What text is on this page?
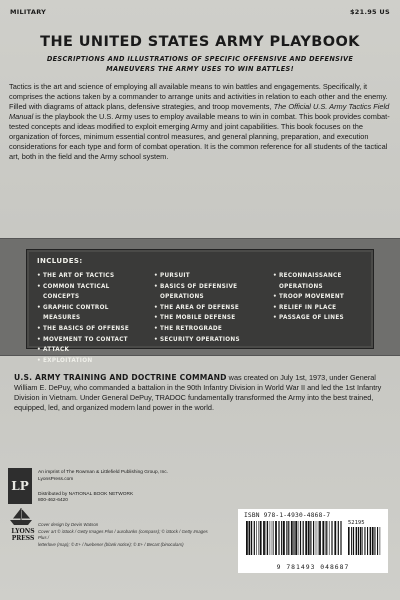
MILITARY	$21.95 US
THE UNITED STATES ARMY PLAYBOOK
DESCRIPTIONS AND ILLUSTRATIONS OF SPECIFIC OFFENSIVE AND DEFENSIVE MANEUVERS THE ARMY USES TO WIN BATTLES!
Tactics is the art and science of employing all available means to win battles and engagements. Specifically, it comprises the actions taken by a commander to arrange units and activities in relation to each other and the enemy. Filled with diagrams of attack plans, defensive strategies, and troop movements, The Official U.S. Army Tactics Field Manual is the playbook the U.S. Army uses to employ available means to win in combat. This book provides combat-tested concepts and ideas modified to exploit emerging Army and joint capabilities. This book focuses on the organization of forces, minimum essential control measures, and general planning, preparation, and execution considerations for each type and form of combat operation. It is the common reference for all students of the tactical art, both in the field and the Army school system.
INCLUDES:
• THE ART OF TACTICS
• COMMON TACTICAL CONCEPTS
• GRAPHIC CONTROL MEASURES
• THE BASICS OF OFFENSE
• MOVEMENT TO CONTACT
• ATTACK
• EXPLOITATION
• PURSUIT
• BASICS OF DEFENSIVE
OPERATIONS
• THE AREA OF DEFENSE
• THE MOBILE DEFENSE
• THE RETROGRADE
• SECURITY OPERATIONS
• RECONNAISSANCE
OPERATIONS
• TROOP MOVEMENT
• RELIEF IN PLACE
• PASSAGE OF LINES
U.S. ARMY TRAINING AND DOCTRINE COMMAND was created on July 1st, 1973, under General William E. DePuy, who commanded a battalion in the 90th Infantry Division in World War II and led the 1st Infantry Division in Vietnam. Under General DePuy, TRADOC fundamentally transformed the Army into the best trained, equipped, led, and organized modern land power in the world.
LP
LYONS
PRESS
An imprint of The Rowman & Littlefield Publishing Group, Inc.
LyonsPress.com
Distributed by NATIONAL BOOK NETWORK
800-462-6420
Cover design by Devin Watson
Cover art © iStock / Getty Images Plus / aurobanks (compass); © iStock / Getty Images Plus /
letterlove (map); © E+ / huebener (blank notice); © E+ / Becart (binoculars)
ISBN 978-1-4930-4868-7
52195
9 781493 048687
